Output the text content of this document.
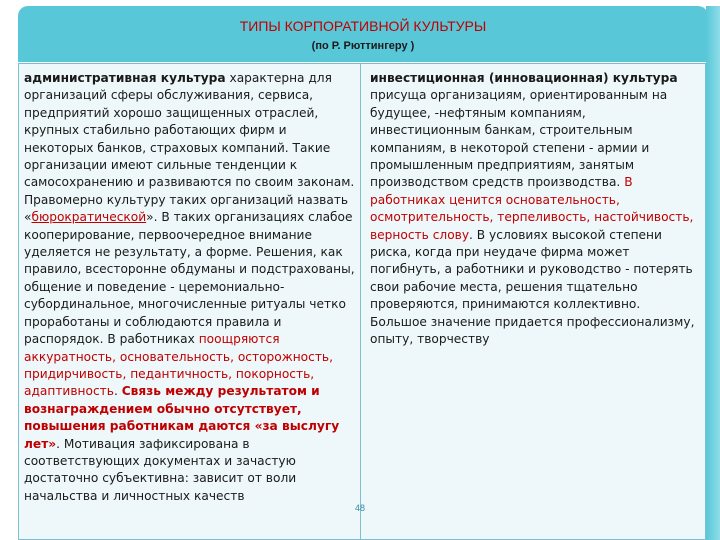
ТИПЫ КОРПОРАТИВНОЙ КУЛЬТУРЫ
(по Р. Рюттингеру )
административная культура характерна для организаций сферы обслуживания, сервиса, предприятий хорошо защищенных отраслей, крупных стабильно работающих фирм и некоторых банков, страховых компаний. Такие организации имеют сильные тенденции к самосохранению и развиваются по своим законам. Правомерно культуру таких организаций назвать «бюрократической». В таких организациях слабое кооперирование, первоочередное внимание уделяется не результату, а форме. Решения, как правило, всесторонне обдуманы и подстрахованы, общение и поведение - церемониально-субординальное, многочисленные ритуалы четко проработаны и соблюдаются правила и распорядок. В работниках поощряются аккуратность, основательность, осторожность, придирчивость, педантичность, покорность, адаптивность. Связь между результатом и вознаграждением обычно отсутствует, повышения работникам даются «за выслугу лет». Мотивация зафиксирована в соответствующих документах и зачастую достаточно субъективна: зависит от воли начальства и личностных качеств
инвестиционная (инновационная) культура присуща организациям, ориентированным на будущее, -нефтяным компаниям, инвестиционным банкам, строительным компаниям, в некоторой степени - армии и промышленным предприятиям, занятым производством средств производства. В работниках ценится основательность, осмотрительность, терпеливость, настойчивость, верность слову. В условиях высокой степени риска, когда при неудаче фирма может погибнуть, а работники и руководство - потерять свои рабочие места, решения тщательно проверяются, принимаются коллективно. Большое значение придается профессионализму, опыту, творчеству
48
